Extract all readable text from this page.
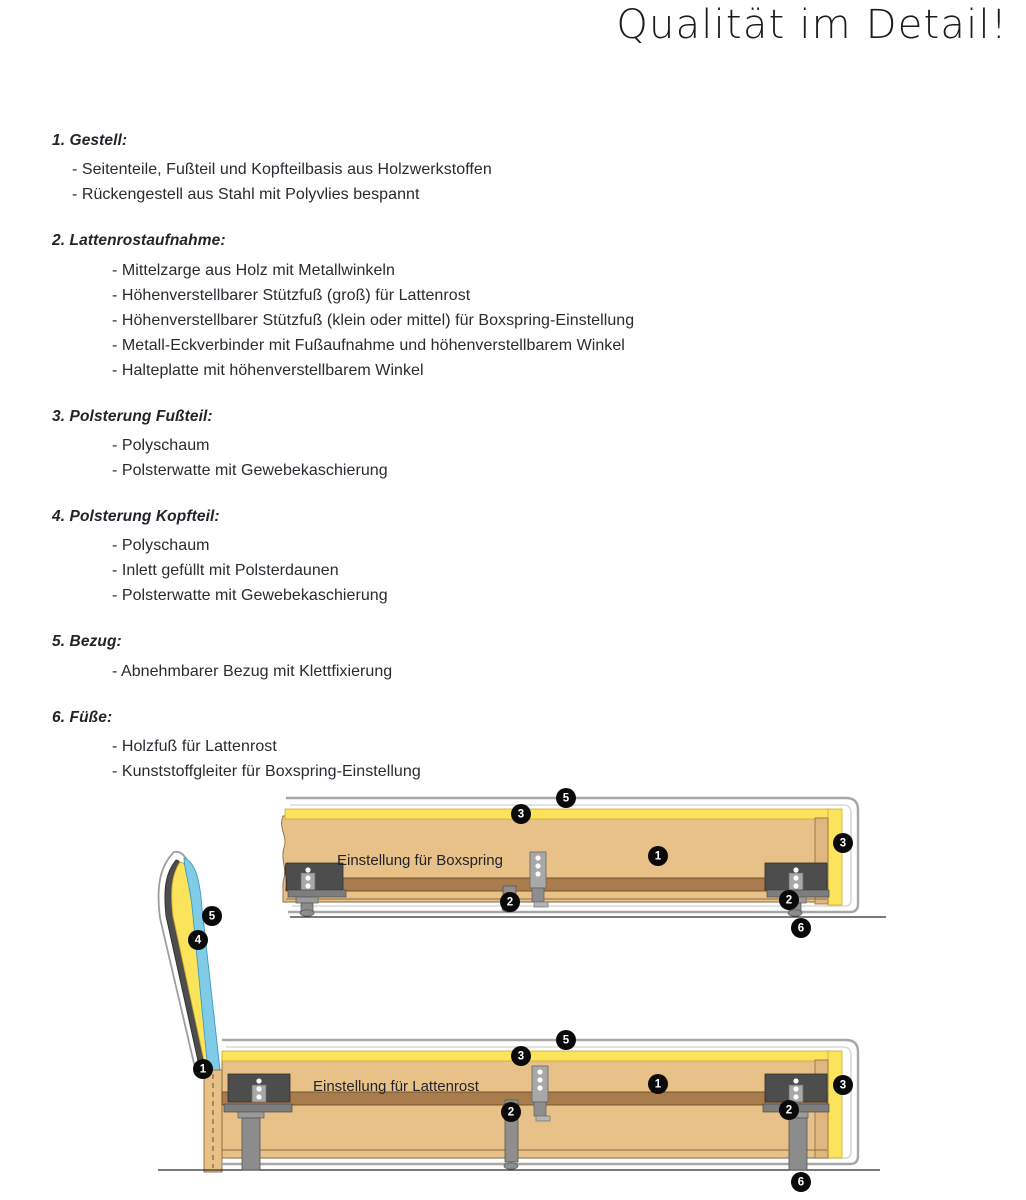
Qualität im Detail!
1. Gestell:
- Seitenteile, Fußteil und Kopfteilbasis aus Holzwerkstoffen
- Rückengestell aus Stahl mit Polyvlies bespannt
2. Lattenrostaufnahme:
- Mittelzarge aus Holz mit Metallwinkeln
- Höhenverstellbarer Stützfuß (groß) für Lattenrost
- Höhenverstellbarer Stützfuß (klein oder mittel) für Boxspring-Einstellung
- Metall-Eckverbinder mit Fußaufnahme und höhenverstellbarem Winkel
- Halteplatte mit höhenverstellbarem Winkel
3. Polsterung Fußteil:
- Polyschaum
- Polsterwatte mit Gewebekaschierung
4. Polsterung Kopfteil:
- Polyschaum
- Inlett gefüllt mit Polsterdaunen
- Polsterwatte mit Gewebekaschierung
5. Bezug:
- Abnehmbarer Bezug mit Klettfixierung
6. Füße:
- Holzfuß für Lattenrost
- Kunststoffgleiter für Boxspring-Einstellung
Einstellung für Boxspring
5
3
3
1
2	2
6
5
4
1
Einstellung für Lattenrost
5
3
3
1
2	2
6
